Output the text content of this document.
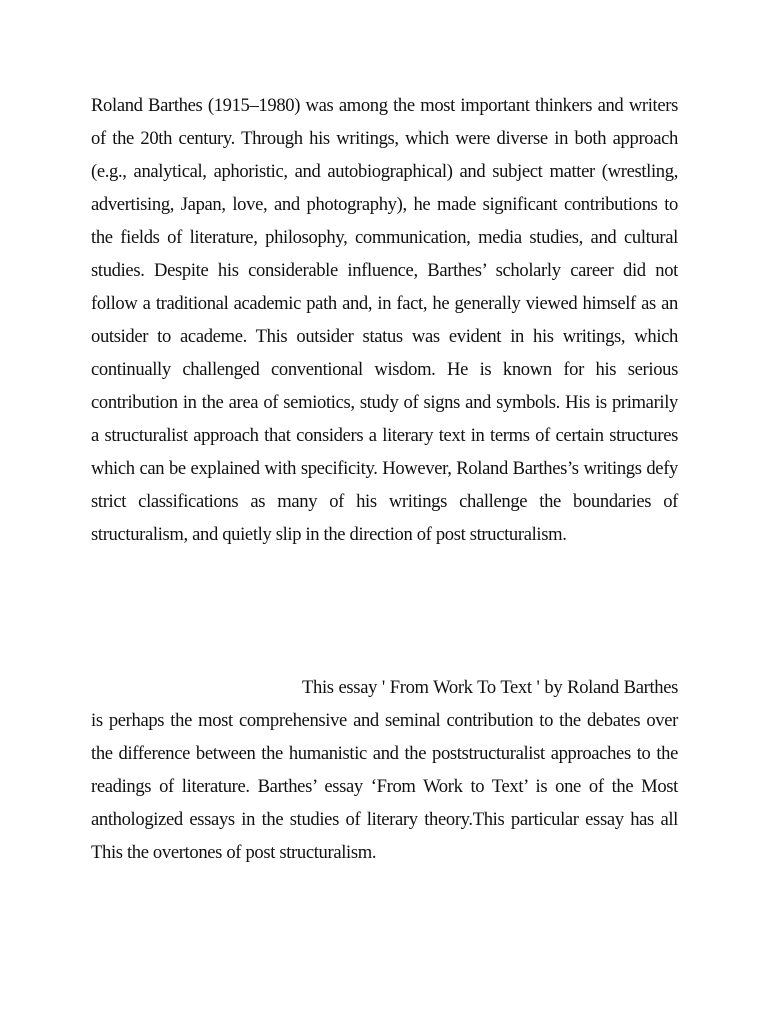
Roland Barthes (1915–1980) was among the most important thinkers and writers of the 20th century. Through his writings, which were diverse in both approach (e.g., analytical, aphoristic, and autobiographical) and subject matter (wrestling, advertising, Japan, love, and photography), he made significant contributions to the fields of literature, philosophy, communication, media studies, and cultural studies. Despite his considerable influence, Barthes’ scholarly career did not follow a traditional academic path and, in fact, he generally viewed himself as an outsider to academe. This outsider status was evident in his writings, which continually challenged conventional wisdom. He is known for his serious contribution in the area of semiotics, study of signs and symbols. His is primarily a structuralist approach that considers a literary text in terms of certain structures which can be explained with specificity. However, Roland Barthes’s writings defy strict classifications as many of his writings challenge the boundaries of structuralism, and quietly slip in the direction of post structuralism.

This essay ' From Work To Text ' by Roland Barthes is perhaps the most comprehensive and seminal contribution to the debates over the difference between the humanistic and the poststructuralist approaches to the readings of literature. Barthes’ essay ‘From Work to Text’ is one of the Most anthologized essays in the studies of literary theory.This particular essay has all This the overtones of post structuralism.
